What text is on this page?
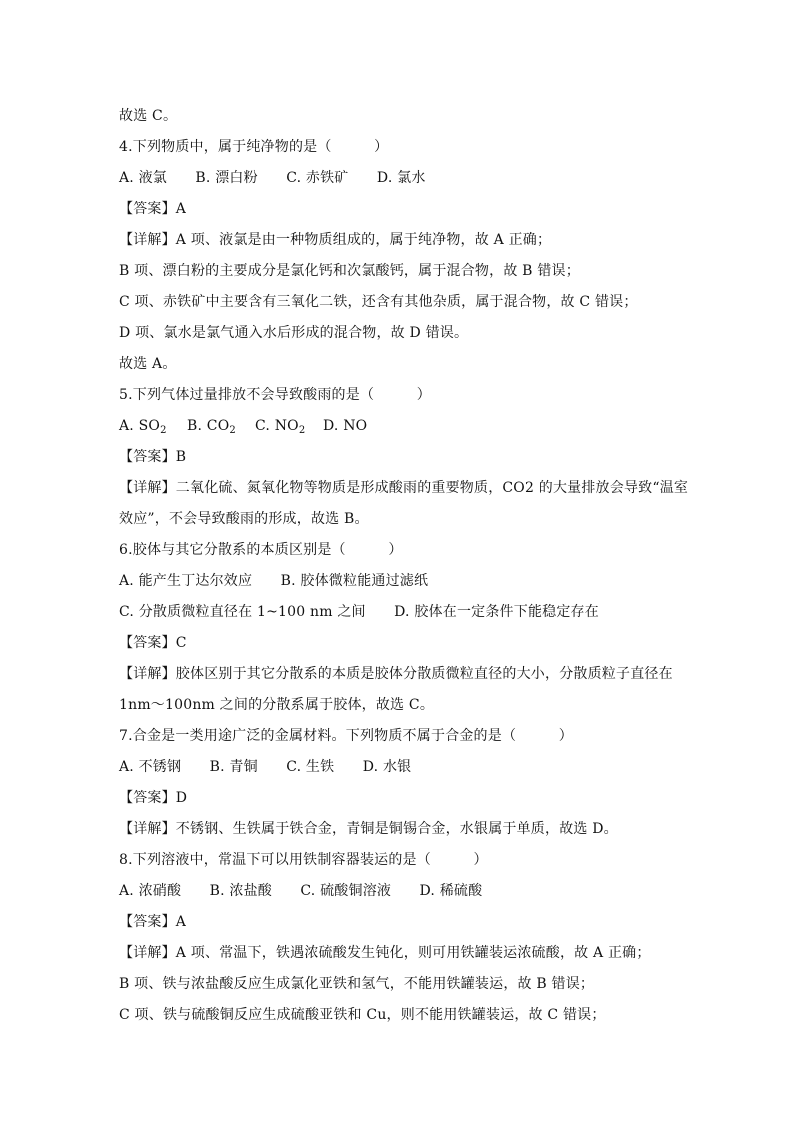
故选 C。
4.下列物质中，属于纯净物的是（　　　）
A. 液氯　　B. 漂白粉　　C. 赤铁矿　　D. 氯水
【答案】A
【详解】A 项、液氯是由一种物质组成的，属于纯净物，故 A 正确；
B 项、漂白粉的主要成分是氯化钙和次氯酸钙，属于混合物，故 B 错误；
C 项、赤铁矿中主要含有三氧化二铁，还含有其他杂质，属于混合物，故 C 错误；
D 项、氯水是氯气通入水后形成的混合物，故 D 错误。
故选 A。
5.下列气体过量排放不会导致酸雨的是（　　　）
A. $SO_2$ B. $CO_2$ C. $NO_2$ D. NO
【答案】B
【详解】二氧化硫、氮氧化物等物质是形成酸雨的重要物质，CO2 的大量排放会导致“温室
效应”，不会导致酸雨的形成，故选 B。
6.胶体与其它分散系的本质区别是（　　　）
A. 能产生丁达尔效应　　B. 胶体微粒能通过滤纸
C. 分散质微粒直径在 1~100 nm 之间　　D. 胶体在一定条件下能稳定存在
【答案】C
【详解】胶体区别于其它分散系的本质是胶体分散质微粒直径的大小，分散质粒子直径在
1nm～100nm 之间的分散系属于胶体，故选 C。
7.合金是一类用途广泛的金属材料。下列物质不属于合金的是（　　　）
A. 不锈钢　　B. 青铜　　C. 生铁　　D. 水银
【答案】D
【详解】不锈钢、生铁属于铁合金，青铜是铜锡合金，水银属于单质，故选 D。
8.下列溶液中，常温下可以用铁制容器装运的是（　　　）
A. 浓硝酸　　B. 浓盐酸　　C. 硫酸铜溶液　　D. 稀硫酸
【答案】A
【详解】A 项、常温下，铁遇浓硫酸发生钝化，则可用铁罐装运浓硫酸，故 A 正确；
B 项、铁与浓盐酸反应生成氯化亚铁和氢气，不能用铁罐装运，故 B 错误；
C 项、铁与硫酸铜反应生成硫酸亚铁和 Cu，则不能用铁罐装运，故 C 错误；
